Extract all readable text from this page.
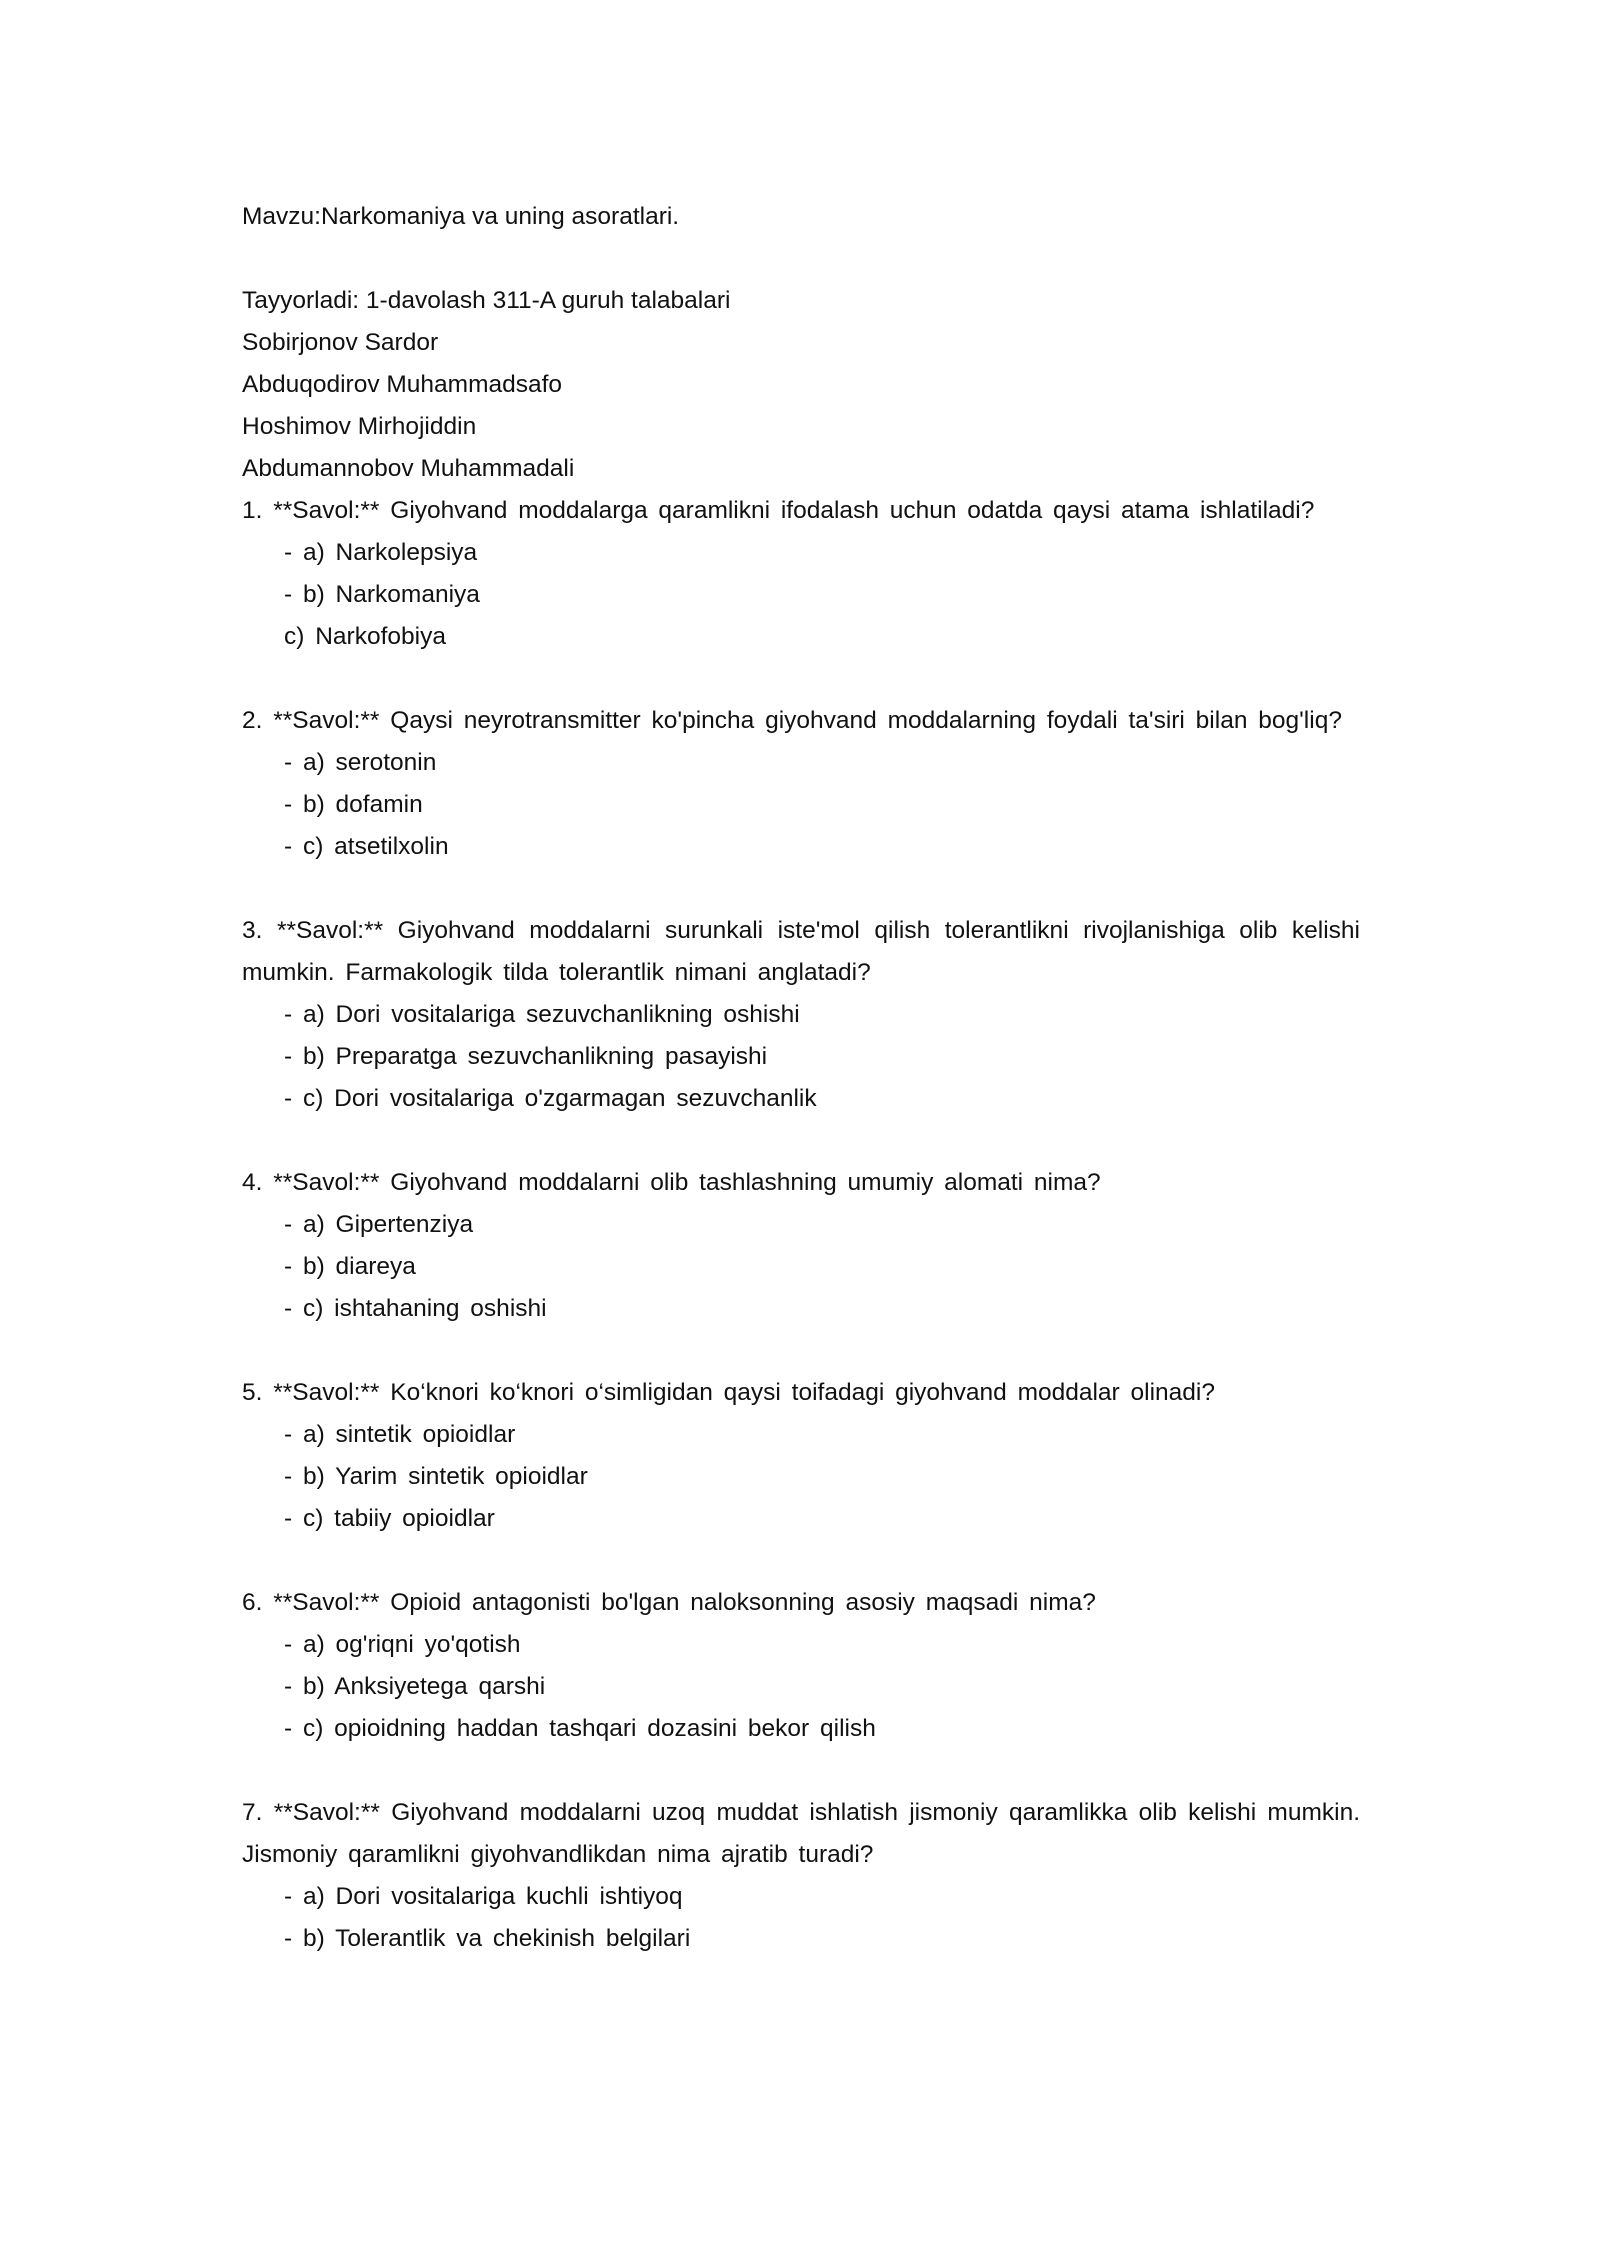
Mavzu:Narkomaniya va uning asoratlari.
Tayyorladi: 1-davolash 311-A guruh talabalari
Sobirjonov Sardor
Abduqodirov Muhammadsafo
Hoshimov Mirhojiddin
Abdumannobov Muhammadali
1. **Savol:** Giyohvand moddalarga qaramlikni ifodalash uchun odatda qaysi atama ishlatiladi?
- a) Narkolepsiya
- b) Narkomaniya
c) Narkofobiya
2. **Savol:** Qaysi neyrotransmitter ko'pincha giyohvand moddalarning foydali ta'siri bilan bog'liq?
- a) serotonin
- b) dofamin
- c) atsetilxolin
3. **Savol:** Giyohvand moddalarni surunkali iste'mol qilish tolerantlikni rivojlanishiga olib kelishi mumkin. Farmakologik tilda tolerantlik nimani anglatadi?
- a) Dori vositalariga sezuvchanlikning oshishi
- b) Preparatga sezuvchanlikning pasayishi
- c) Dori vositalariga o'zgarmagan sezuvchanlik
4. **Savol:** Giyohvand moddalarni olib tashlashning umumiy alomati nima?
- a) Gipertenziya
- b) diareya
- c) ishtahaning oshishi
5. **Savol:** Ko‘knori ko‘knori o‘simligidan qaysi toifadagi giyohvand moddalar olinadi?
- a) sintetik opioidlar
- b) Yarim sintetik opioidlar
- c) tabiiy opioidlar
6. **Savol:** Opioid antagonisti bo'lgan naloksonning asosiy maqsadi nima?
- a) og'riqni yo'qotish
- b) Anksiyetega qarshi
- c) opioidning haddan tashqari dozasini bekor qilish
7. **Savol:** Giyohvand moddalarni uzoq muddat ishlatish jismoniy qaramlikka olib kelishi mumkin. Jismoniy qaramlikni giyohvandlikdan nima ajratib turadi?
- a) Dori vositalariga kuchli ishtiyoq
- b) Tolerantlik va chekinish belgilari
